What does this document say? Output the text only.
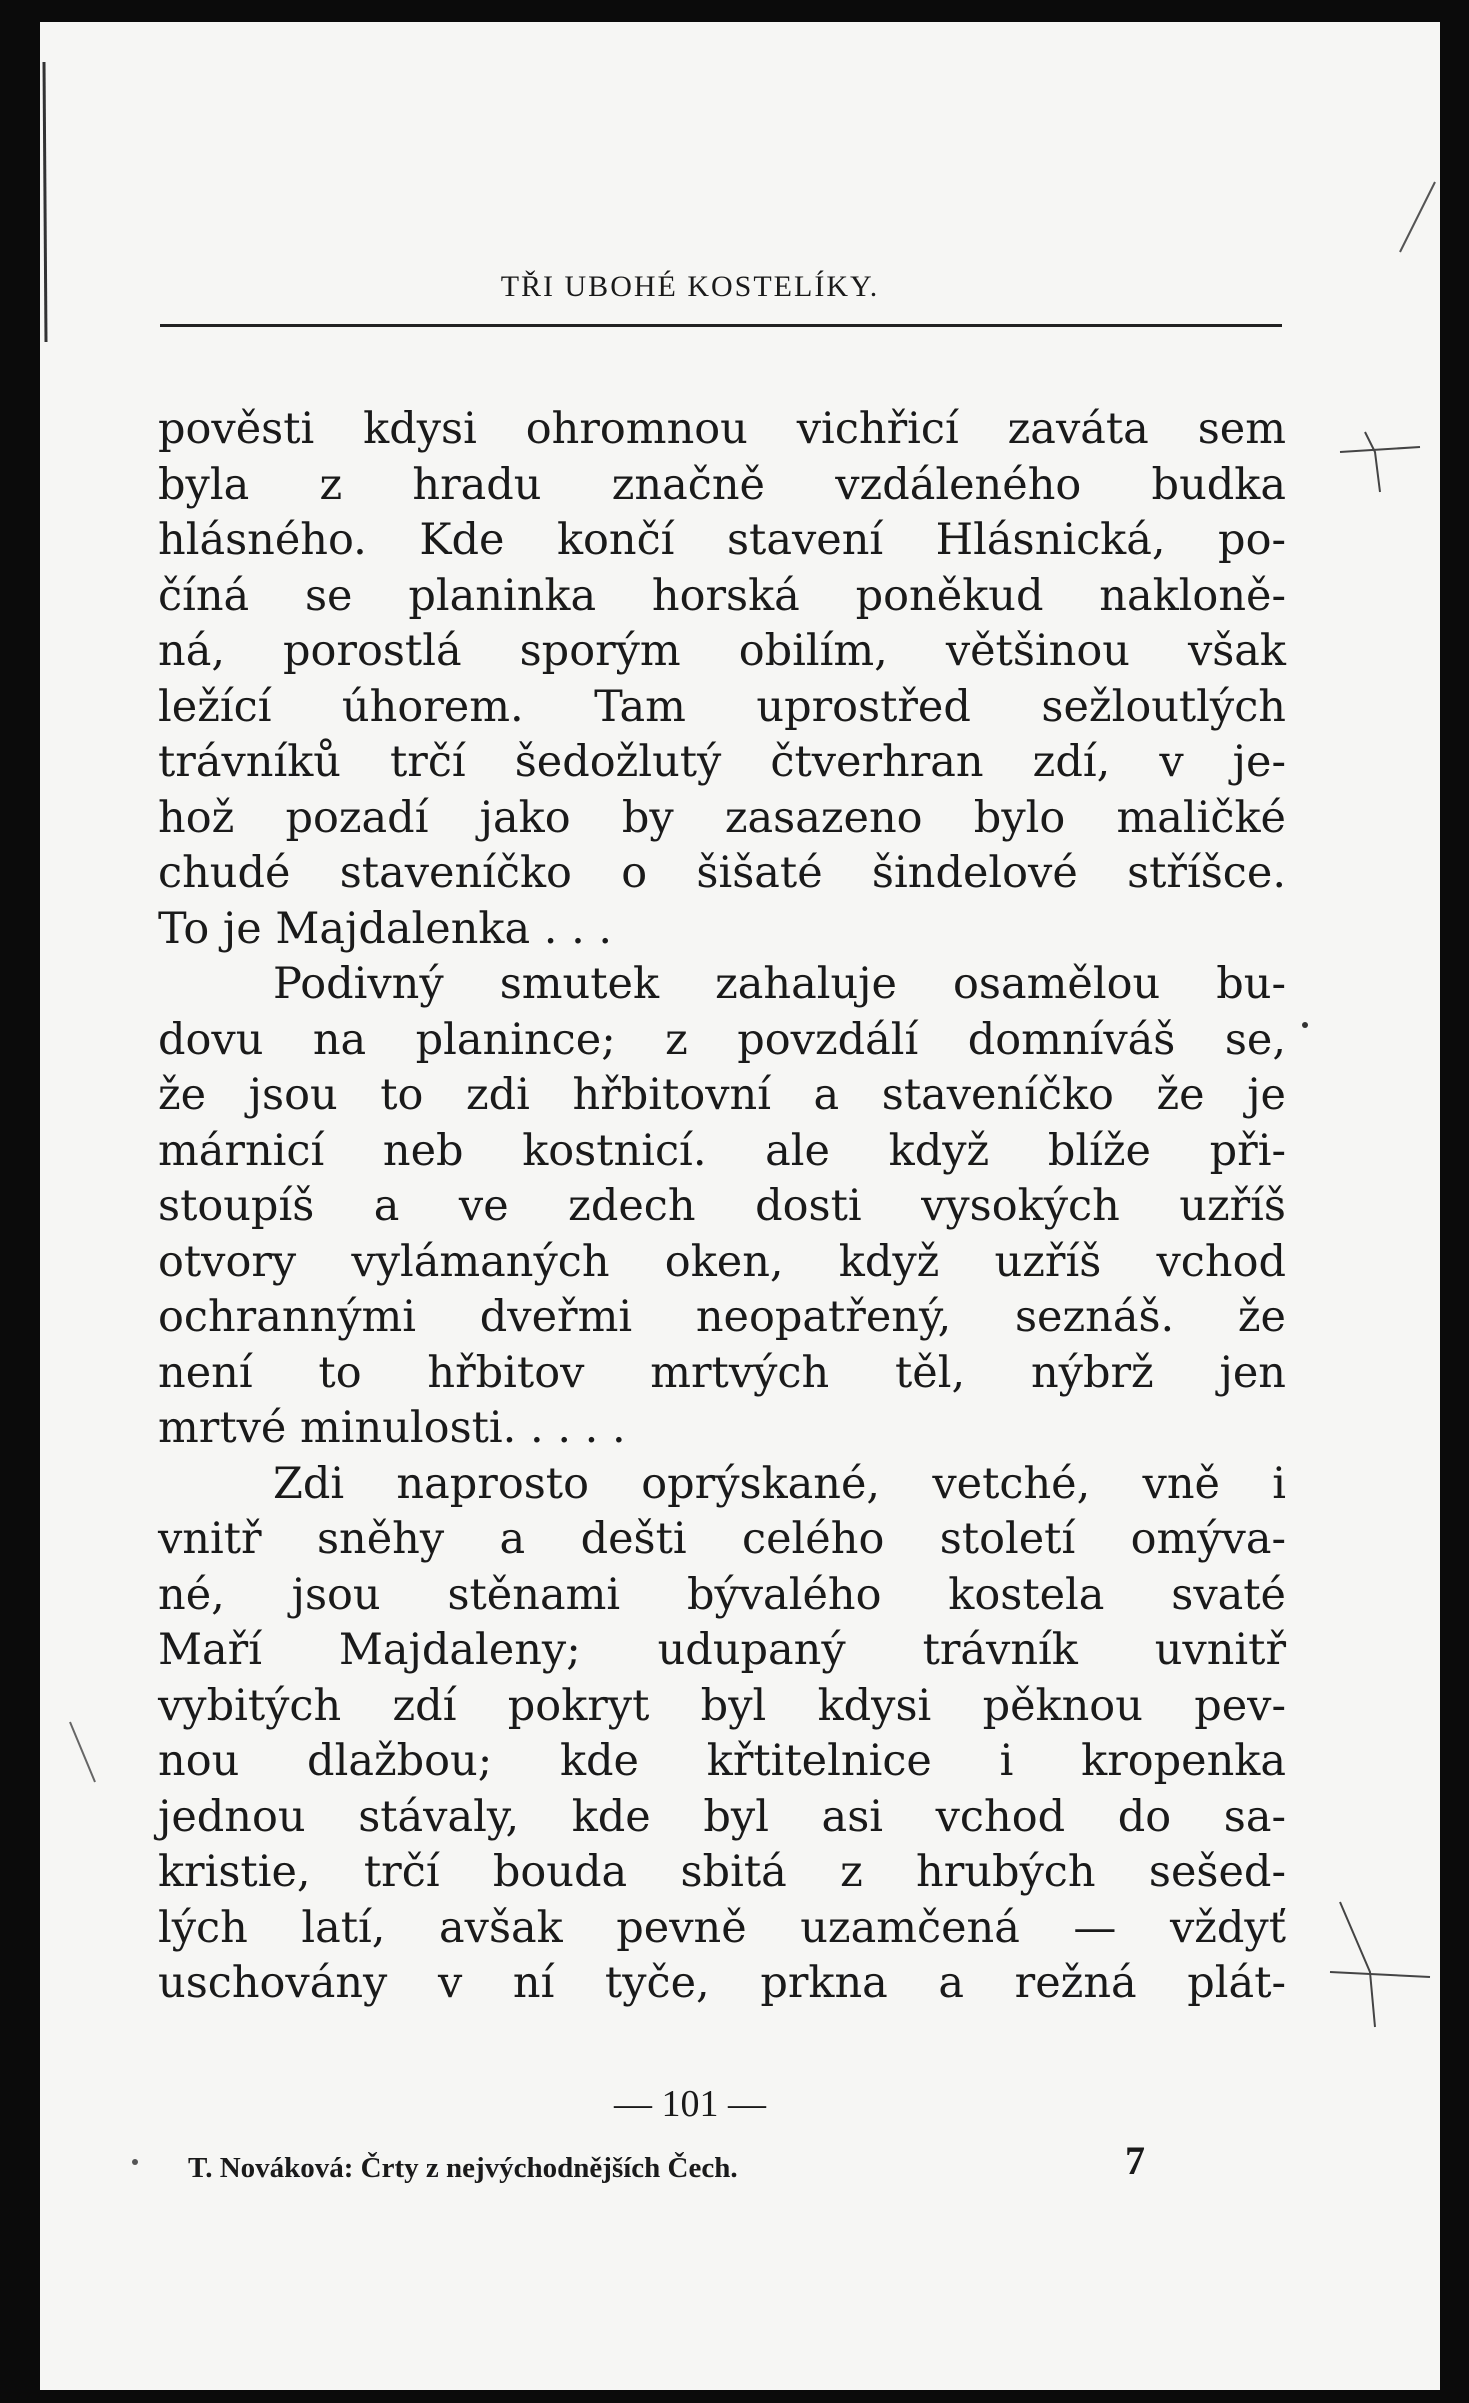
TŘI UBOHÉ KOSTELÍKY.
pověsti kdysi ohromnou vichřicí zaváta sem
byla z hradu značně vzdáleného budka
hlásného. Kde končí stavení Hlásnická, po-
číná se planinka horská poněkud nakloně-
ná, porostlá sporým obilím, většinou však
ležící úhorem. Tam uprostřed sežloutlých
trávníků trčí šedožlutý čtverhran zdí, v je-
hož pozadí jako by zasazeno bylo maličké
chudé staveníčko o šišaté šindelové stříšce.
To je Majdalenka . . .
Podivný smutek zahaluje osamělou bu-
dovu na planince; z povzdálí domníváš se,
že jsou to zdi hřbitovní a staveníčko že je
márnicí neb kostnicí. ale když blíže při-
stoupíš a ve zdech dosti vysokých uzříš
otvory vylámaných oken, když uzříš vchod
ochrannými dveřmi neopatřený, seznáš. že
není to hřbitov mrtvých těl, nýbrž jen
mrtvé minulosti. . . . .
Zdi naprosto oprýskané, vetché, vně i
vnitř sněhy a dešti celého století omýva-
né, jsou stěnami bývalého kostela svaté
Maří Majdaleny; udupaný trávník uvnitř
vybitých zdí pokryt byl kdysi pěknou pev-
nou dlažbou; kde křtitelnice i kropenka
jednou stávaly, kde byl asi vchod do sa-
kristie, trčí bouda sbitá z hrubých sešed-
lých latí, avšak pevně uzamčená — vždyť
uschovány v ní tyče, prkna a režná plát-
— 101 —
T. Nováková: Črty z nejvýchodnějších Čech.	7
